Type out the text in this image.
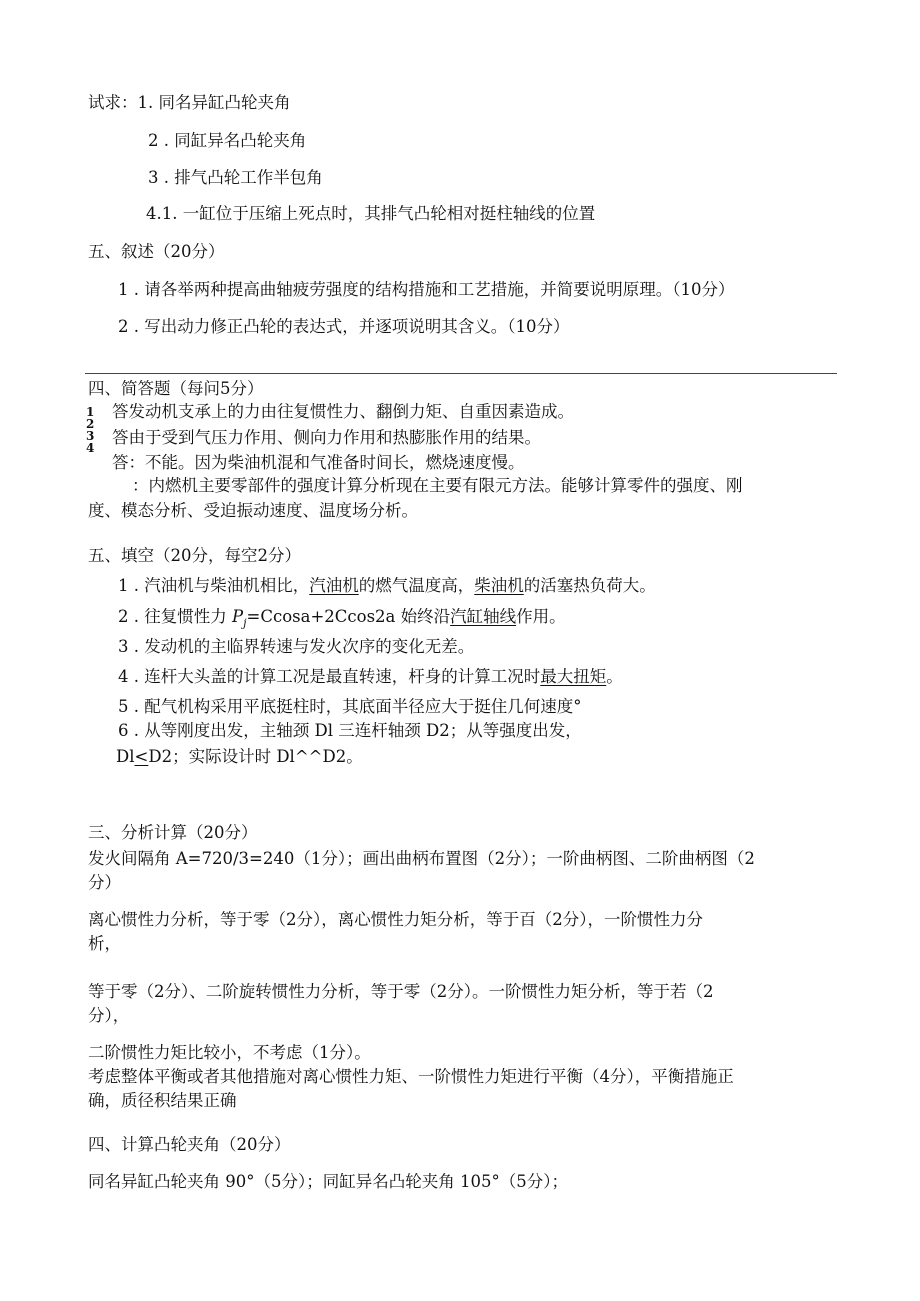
试求：1. 同名异缸凸轮夹角
2 . 同缸异名凸轮夹角
3 . 排气凸轮工作半包角
4.1. 一缸位于压缩上死点时，其排气凸轮相对挺柱轴线的位置
五、叙述（20分）
1 . 请各举两种提高曲轴疲劳强度的结构措施和工艺措施，并简要说明原理。（10分）
2 . 写出动力修正凸轮的表达式，并逐项说明其含义。（10分）
四、简答题（每问5分）
1 2 3 4
答发动机支承上的力由往复惯性力、翻倒力矩、自重因素造成。
答由于受到气压力作用、侧向力作用和热膨胀作用的结果。
答：不能。因为柴油机混和气准备时间长，燃烧速度慢。
：内燃机主要零部件的强度计算分析现在主要有限元方法。能够计算零件的强度、刚
度、模态分析、受迫振动速度、温度场分析。
五、填空（20分，每空2分）
1 . 汽油机与柴油机相比，汽油机的燃气温度高，柴油机的活塞热负荷大。
2 . 往复惯性力 $P_j=Ccosa+2Ccos2a$ 始终沿汽缸轴线作用。
3 . 发动机的主临界转速与发火次序的变化无差。
4 . 连杆大头盖的计算工况是最直转速，杆身的计算工况时最大扭矩。
5 . 配气机构采用平底挺柱时，其底面半径应大于挺住几何速度°
6 . 从等刚度出发，主轴颈 Dl 三连杆轴颈 D2；从等强度出发，
Dl<D2；实际设计时 Dl^^D2。
三、分析计算（20分）
发火间隔角 A=720∕3=240（1分）；画出曲柄布置图（2分）；一阶曲柄图、二阶曲柄图（2
分）
离心惯性力分析，等于零（2分），离心惯性力矩分析，等于百（2分），一阶惯性力分
析，
等于零（2分）、二阶旋转惯性力分析，等于零（2分）。一阶惯性力矩分析，等于若（2
分），
二阶惯性力矩比较小，不考虑（1分）。
考虑整体平衡或者其他措施对离心惯性力矩、一阶惯性力矩进行平衡（4分），平衡措施正
确，质径积结果正确
四、计算凸轮夹角（20分）
同名异缸凸轮夹角 90°（5分）；同缸异名凸轮夹角 105°（5分）；
